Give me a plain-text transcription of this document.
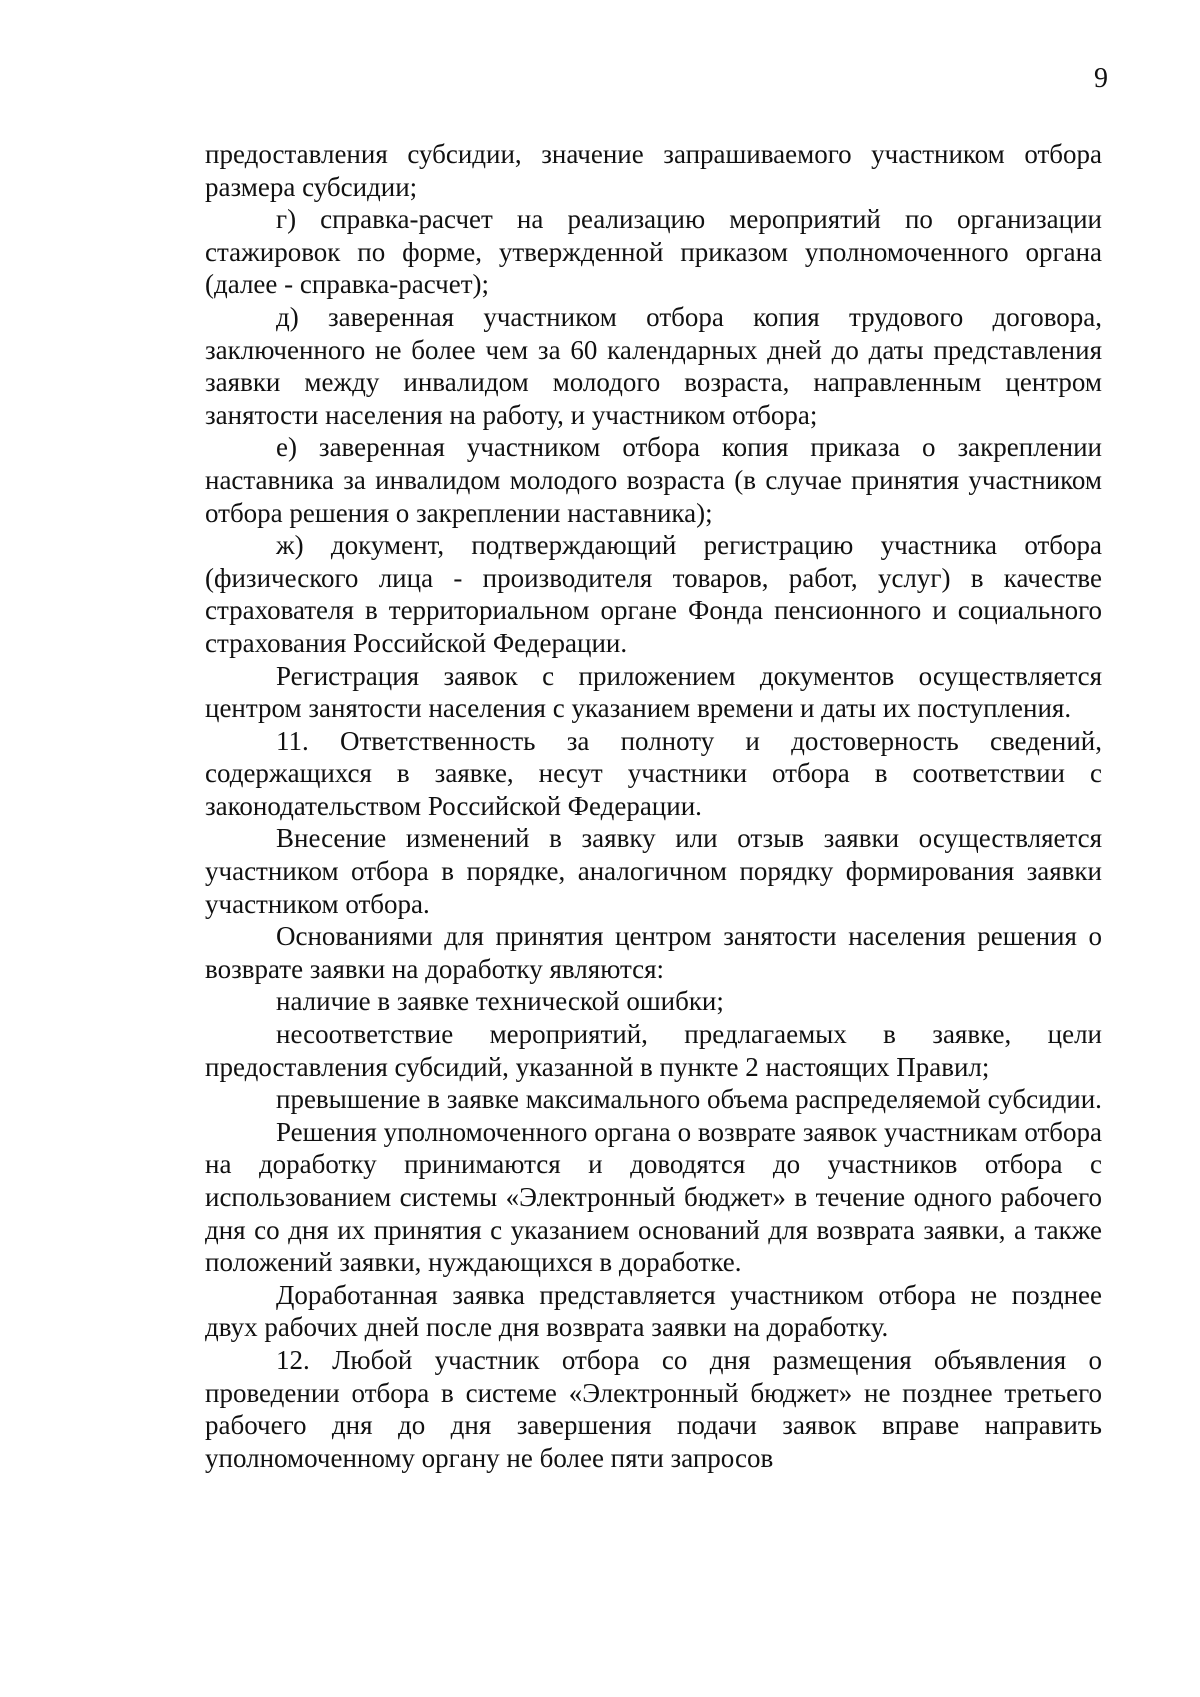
9

предоставления субсидии, значение запрашиваемого участником отбора размера субсидии;

г) справка-расчет на реализацию мероприятий по организации стажировок по форме, утвержденной приказом уполномоченного органа (далее - справка-расчет);

д) заверенная участником отбора копия трудового договора, заключенного не более чем за 60 календарных дней до даты представления заявки между инвалидом молодого возраста, направленным центром занятости населения на работу, и участником отбора;

е) заверенная участником отбора копия приказа о закреплении наставника за инвалидом молодого возраста (в случае принятия участником отбора решения о закреплении наставника);

ж) документ, подтверждающий регистрацию участника отбора (физического лица - производителя товаров, работ, услуг) в качестве страхователя в территориальном органе Фонда пенсионного и социального страхования Российской Федерации.

Регистрация заявок с приложением документов осуществляется центром занятости населения с указанием времени и даты их поступления.

11. Ответственность за полноту и достоверность сведений, содержащихся в заявке, несут участники отбора в соответствии с законодательством Российской Федерации.

Внесение изменений в заявку или отзыв заявки осуществляется участником отбора в порядке, аналогичном порядку формирования заявки участником отбора.

Основаниями для принятия центром занятости населения решения о возврате заявки на доработку являются:

наличие в заявке технической ошибки;

несоответствие мероприятий, предлагаемых в заявке, цели предоставления субсидий, указанной в пункте 2 настоящих Правил;

превышение в заявке максимального объема распределяемой субсидии.

Решения уполномоченного органа о возврате заявок участникам отбора на доработку принимаются и доводятся до участников отбора с использованием системы «Электронный бюджет» в течение одного рабочего дня со дня их принятия с указанием оснований для возврата заявки, а также положений заявки, нуждающихся в доработке.

Доработанная заявка представляется участником отбора не позднее двух рабочих дней после дня возврата заявки на доработку.

12. Любой участник отбора со дня размещения объявления о проведении отбора в системе «Электронный бюджет» не позднее третьего рабочего дня до дня завершения подачи заявок вправе направить уполномоченному органу не более пяти запросов
